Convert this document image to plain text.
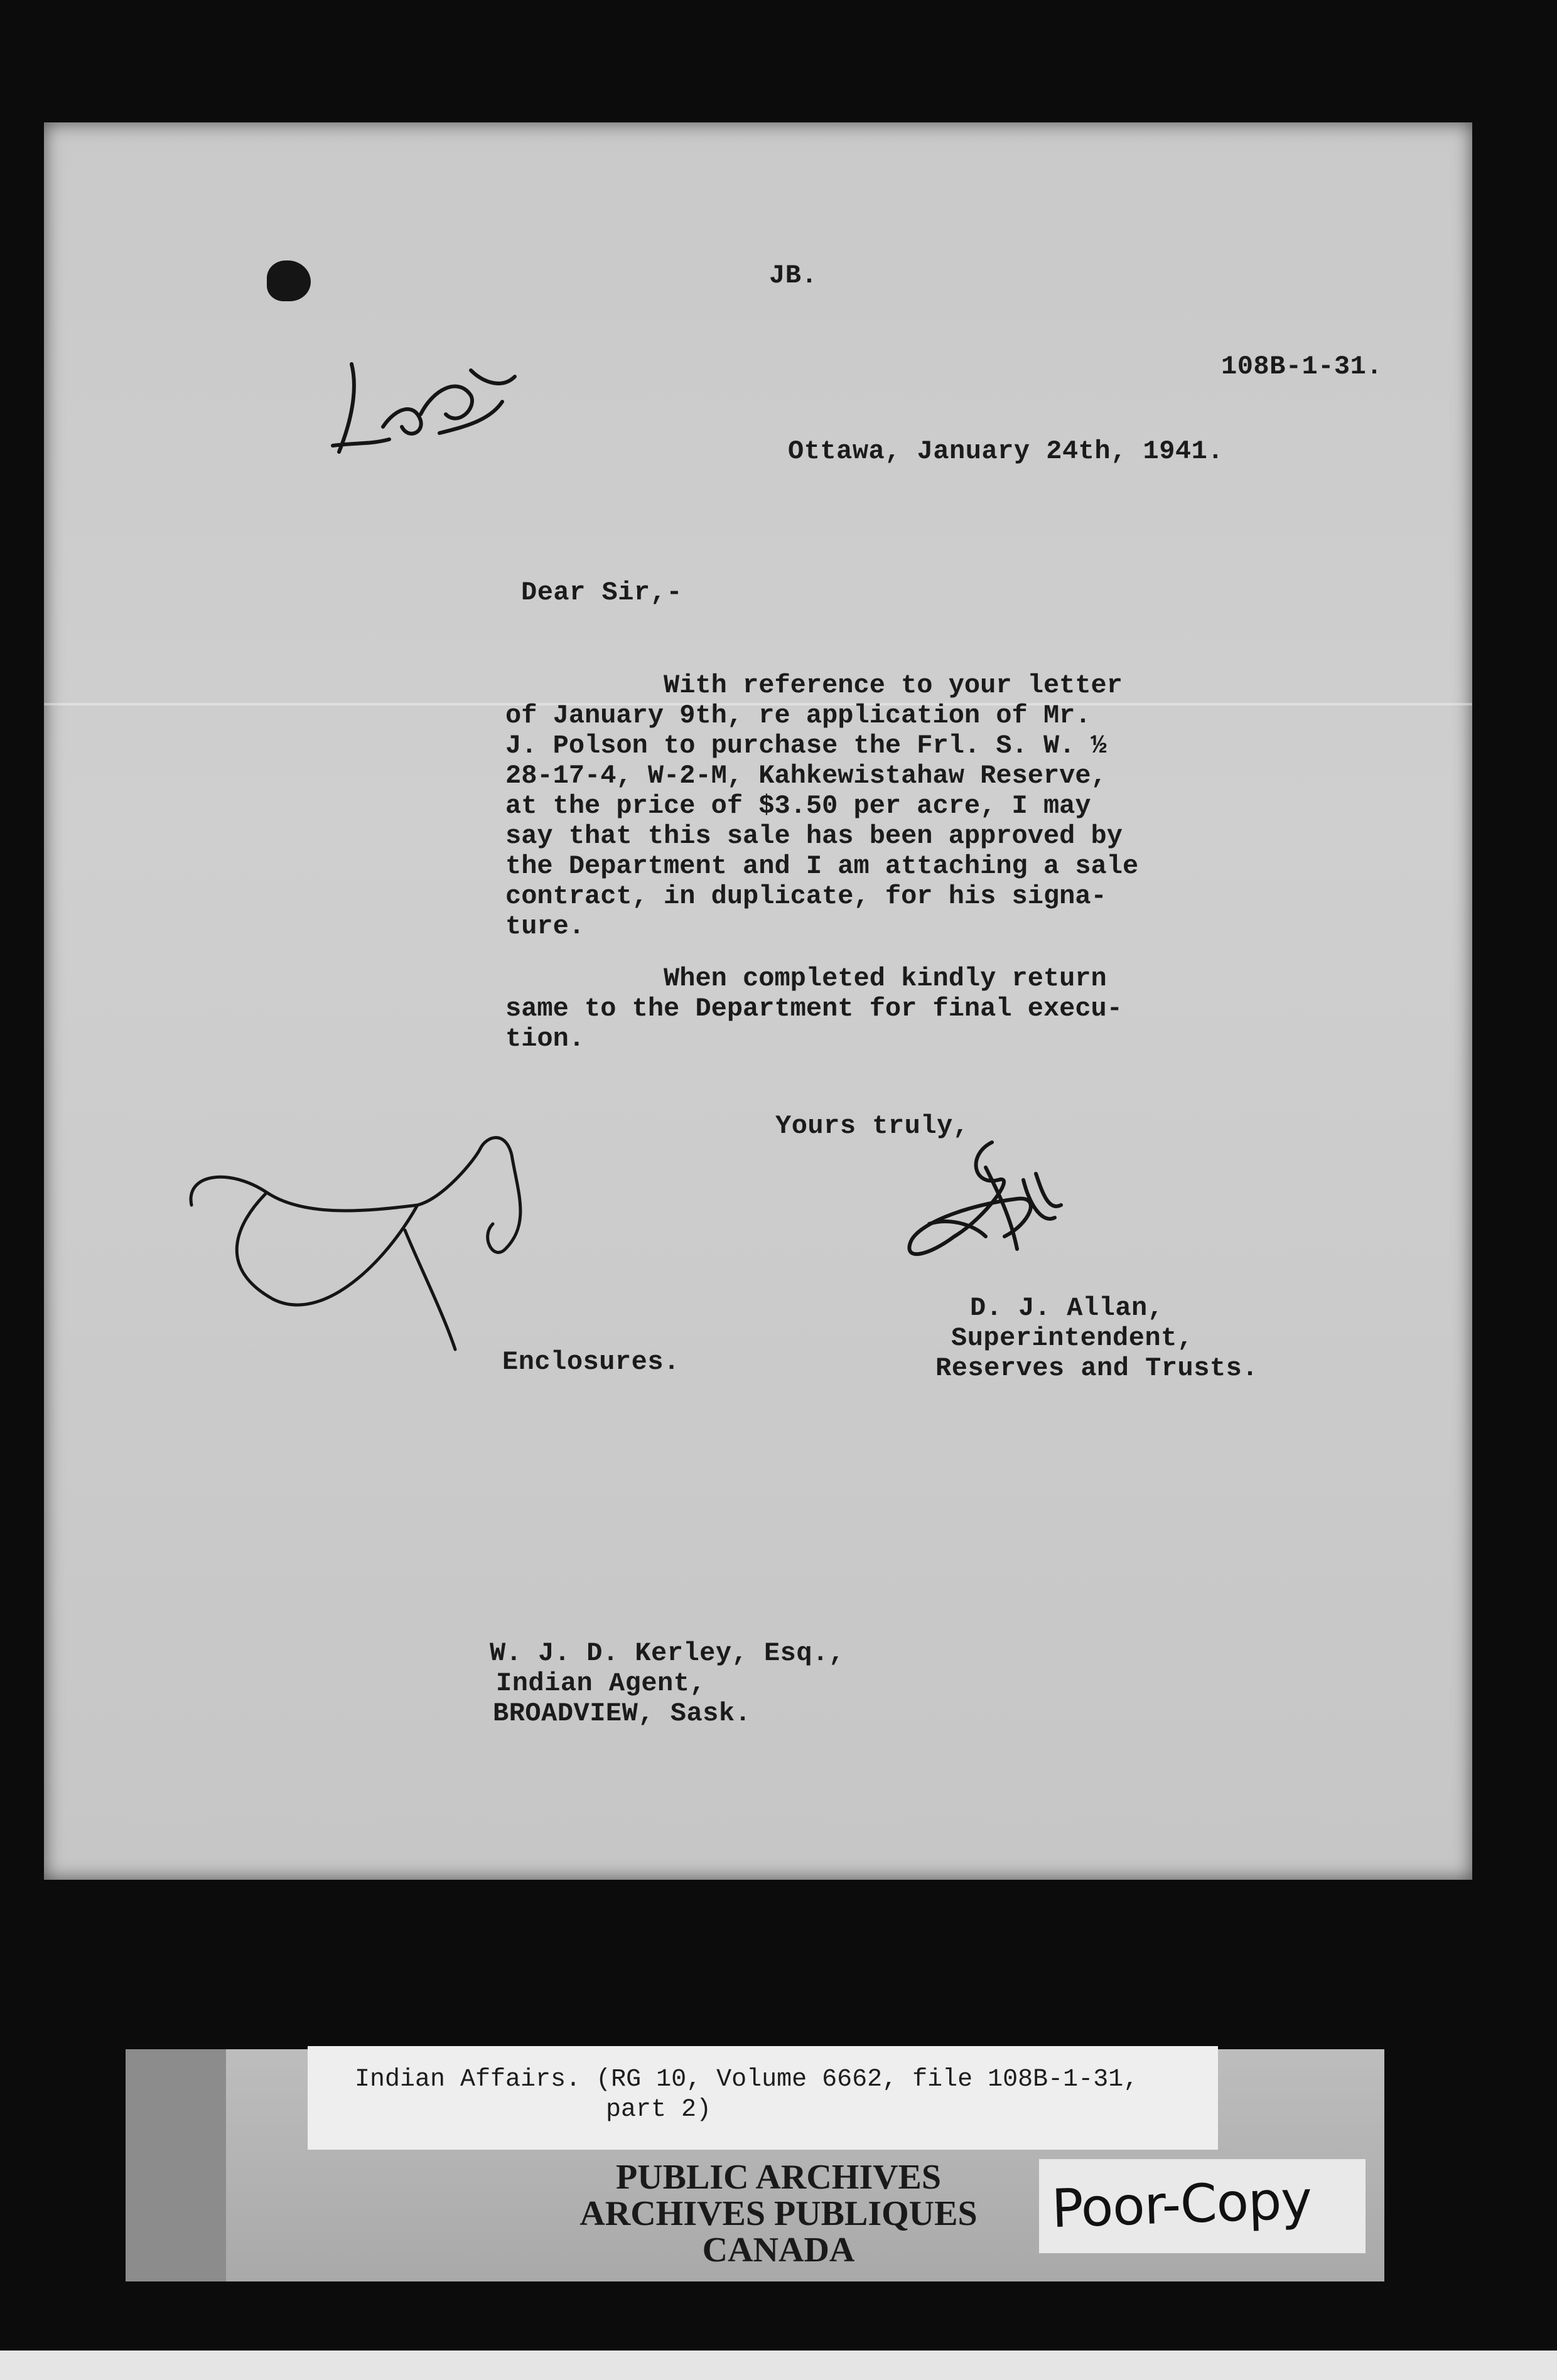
JB.
108B-1-31.
Ottawa, January 24th, 1941.
Dear Sir,-
With reference to your letter
of January 9th, re application of Mr.
J. Polson to purchase the Frl. S. W. ½
28-17-4, W-2-M, Kahkewistahaw Reserve,
at the price of $3.50 per acre, I may
say that this sale has been approved by
the Department and I am attaching a sale
contract, in duplicate, for his signa-
ture.
When completed kindly return
same to the Department for final execu-
tion.
Yours truly,
D. J. Allan,
Superintendent,
Reserves and Trusts.
Enclosures.
W. J. D. Kerley, Esq.,
Indian Agent,
BROADVIEW, Sask.
Indian Affairs. (RG 10, Volume 6662, file 108B-1-31,
part 2)
PUBLIC ARCHIVES
ARCHIVES PUBLIQUES
CANADA
Poor-Copy
